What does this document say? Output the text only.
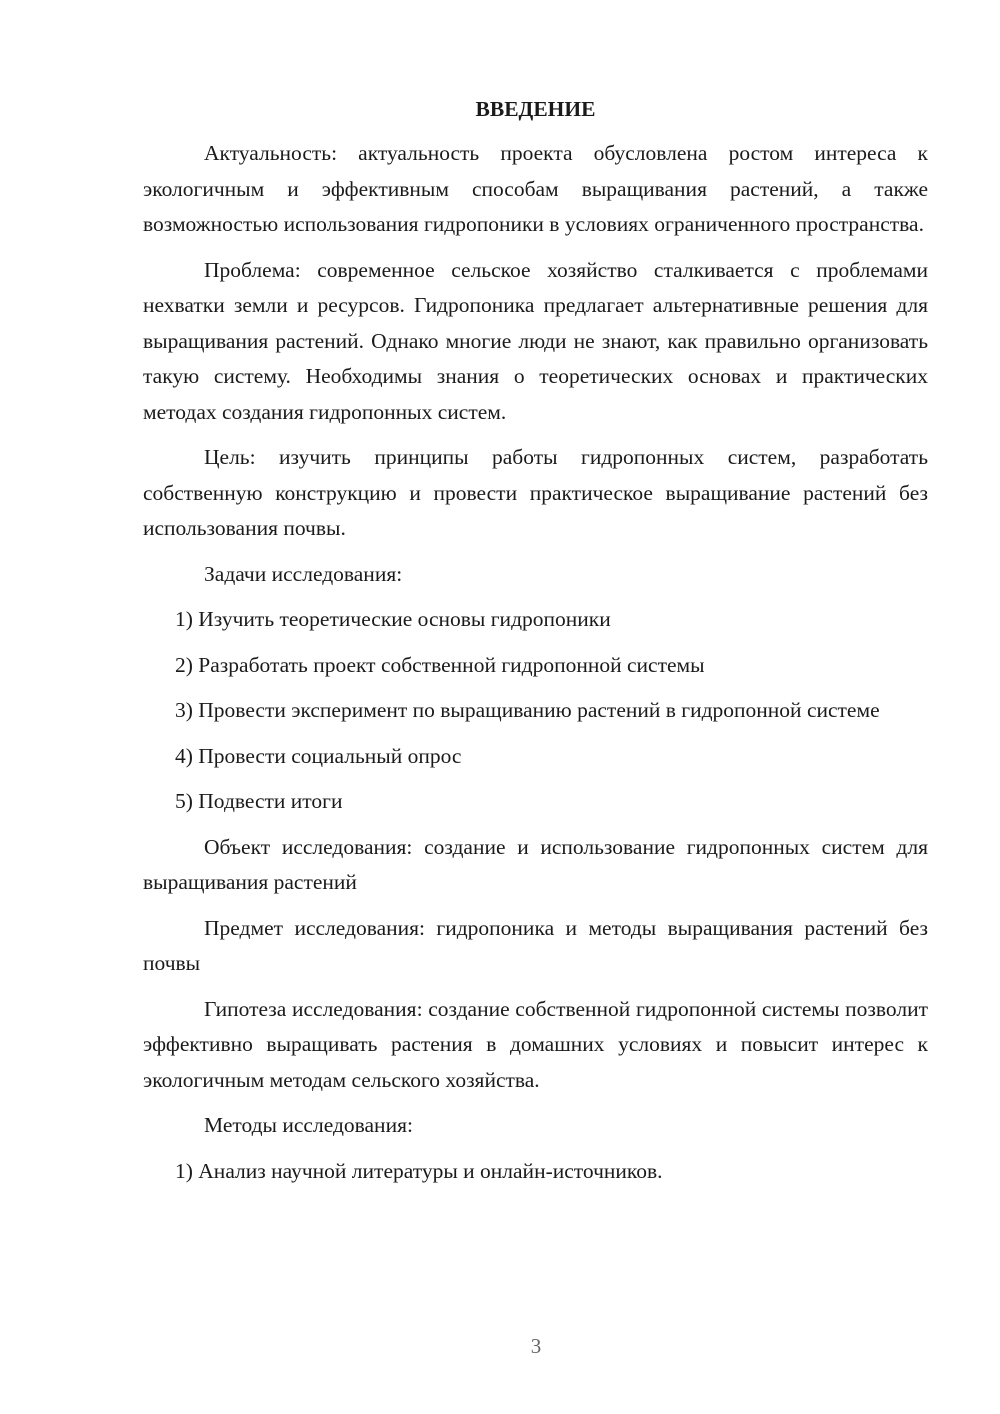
ВВЕДЕНИЕ
Актуальность: актуальность проекта обусловлена ростом интереса к экологичным и эффективным способам выращивания растений, а также возможностью использования гидропоники в условиях ограниченного пространства.
Проблема: современное сельское хозяйство сталкивается с проблемами нехватки земли и ресурсов. Гидропоника предлагает альтернативные решения для выращивания растений. Однако многие люди не знают, как правильно организовать такую систему. Необходимы знания о теоретических основах и практических методах создания гидропонных систем.
Цель: изучить принципы работы гидропонных систем, разработать собственную конструкцию и провести практическое выращивание растений без использования почвы.
Задачи исследования:
1) Изучить теоретические основы гидропоники
2) Разработать проект собственной гидропонной системы
3) Провести эксперимент по выращиванию растений в гидропонной системе
4) Провести социальный опрос
5) Подвести итоги
Объект исследования: создание и использование гидропонных систем для выращивания растений
Предмет исследования: гидропоника и методы выращивания растений без почвы
Гипотеза исследования: создание собственной гидропонной системы позволит эффективно выращивать растения в домашних условиях и повысит интерес к экологичным методам сельского хозяйства.
Методы исследования:
1) Анализ научной литературы и онлайн-источников.
3
